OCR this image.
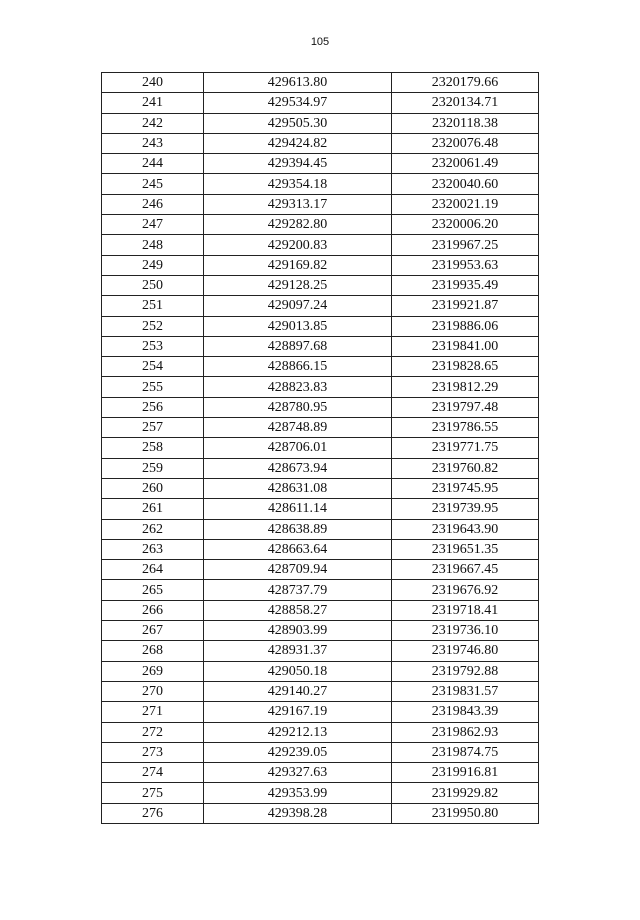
105
240	429613.80	2320179.66
241	429534.97	2320134.71
242	429505.30	2320118.38
243	429424.82	2320076.48
244	429394.45	2320061.49
245	429354.18	2320040.60
246	429313.17	2320021.19
247	429282.80	2320006.20
248	429200.83	2319967.25
249	429169.82	2319953.63
250	429128.25	2319935.49
251	429097.24	2319921.87
252	429013.85	2319886.06
253	428897.68	2319841.00
254	428866.15	2319828.65
255	428823.83	2319812.29
256	428780.95	2319797.48
257	428748.89	2319786.55
258	428706.01	2319771.75
259	428673.94	2319760.82
260	428631.08	2319745.95
261	428611.14	2319739.95
262	428638.89	2319643.90
263	428663.64	2319651.35
264	428709.94	2319667.45
265	428737.79	2319676.92
266	428858.27	2319718.41
267	428903.99	2319736.10
268	428931.37	2319746.80
269	429050.18	2319792.88
270	429140.27	2319831.57
271	429167.19	2319843.39
272	429212.13	2319862.93
273	429239.05	2319874.75
274	429327.63	2319916.81
275	429353.99	2319929.82
276	429398.28	2319950.80
